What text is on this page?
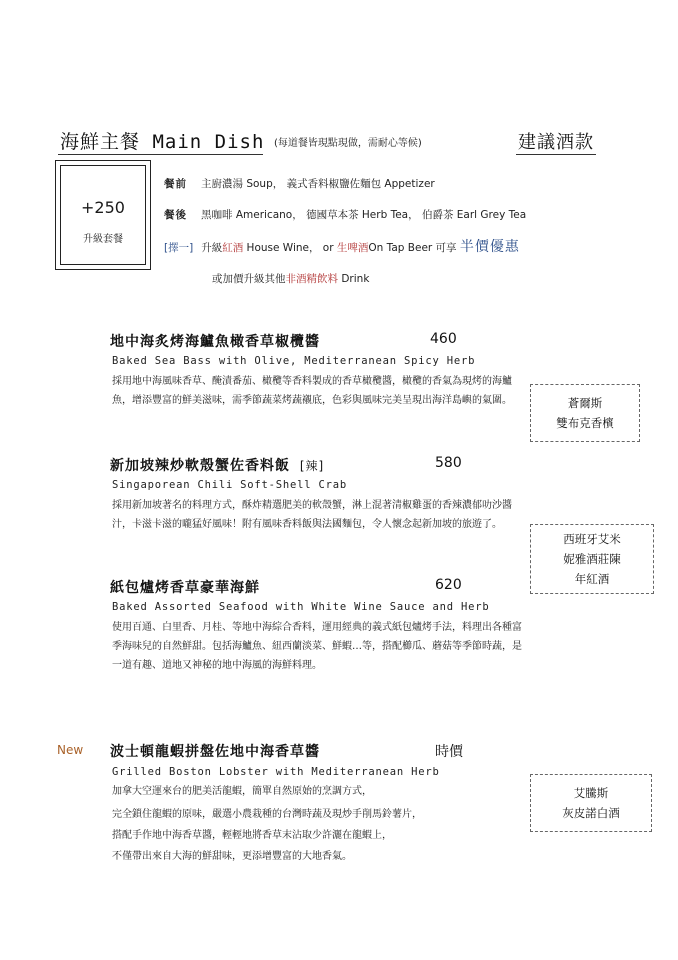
海鮮主餐 Main Dish (每道餐皆現點現做，需耐心等候)	建議酒款
+250
升級套餐
餐前 主廚濃湯 Soup， 義式香料椒鹽佐麵包 Appetizer
餐後 黑咖啡 Americano， 德國草本茶 Herb Tea， 伯爵茶 Earl Grey Tea
[擇一] 升級紅酒 House Wine， or 生啤酒On Tap Beer 可享 半價優惠
或加價升級其他非酒精飲料 Drink
地中海炙烤海鱸魚橄香草椒欖醬	460
Baked Sea Bass with Olive, Mediterranean Spicy Herb
採用地中海風味香草、醃漬番茄、橄欖等香料製成的香草橄欖醬，橄欖的香氣為現烤的海鱸魚，增添豐富的鮮美滋味，需季節蔬菜烤蔬襯底，色彩與風味完美呈現出海洋島嶼的氣圍。	蒼爾斯
雙布克香檳
新加坡辣炒軟殼蟹佐香料飯 [辣]	580
Singaporean Chili Soft-Shell Crab
採用新加坡著名的料理方式，酥炸精選肥美的軟殼蟹，淋上混著清椒雞蛋的香辣濃郁叻沙醬汁，卡滋卡滋的嚨猛好風味！附有風味香料飯與法國麵包，令人懷念起新加坡的旅遊了。
西班牙艾米
妮雅酒莊陳
年紅酒
紙包爐烤香草豪華海鮮	620
Baked Assorted Seafood with White Wine Sauce and Herb
使用百通、白里香、月桂、等地中海綜合香料，運用經典的義式紙包爐烤手法，料理出各種富季海味兒的自然鮮甜。包括海鱸魚、紐西蘭淡菜、鮮蝦…等，搭配櫛瓜、蘑菇等季節時蔬，是一道有趣、道地又神秘的地中海風的海鮮料理。
New 波士頓龍蝦拼盤佐地中海香草醬	時價
Grilled Boston Lobster with Mediterranean Herb
加拿大空運來台的肥美活龍蝦，簡單自然原始的烹調方式，
完全鎖住龍蝦的原味，嚴選小農栽種的台灣時蔬及現炒手削馬鈴薯片，
搭配手作地中海香草醬，輕輕地將香草末沾取少許灑在龍蝦上，
不僅帶出來自大海的鮮甜味，更添增豐富的大地香氣。
艾騰斯
灰皮諾白酒
